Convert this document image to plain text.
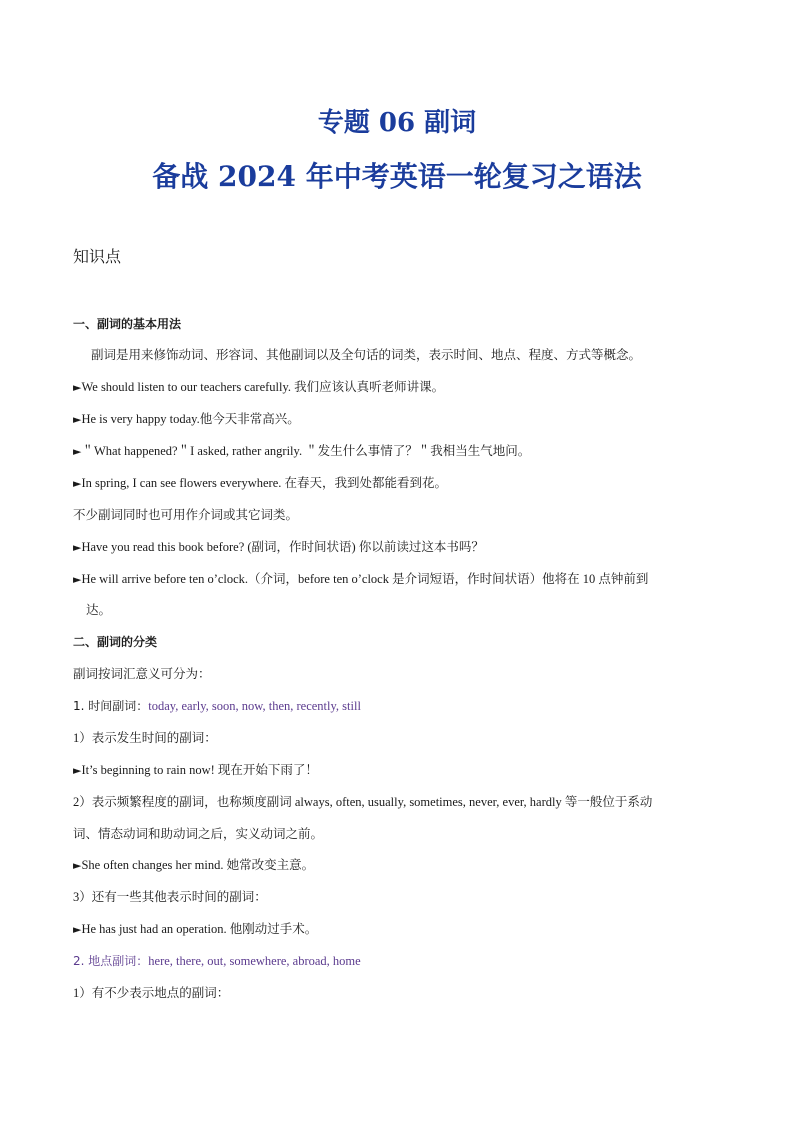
专题 06 副词
备战 2024 年中考英语一轮复习之语法
知识点
一、副词的基本用法
副词是用来修饰动词、形容词、其他副词以及全句话的词类，表示时间、地点、程度、方式等概念。
►We should listen to our teachers carefully. 我们应该认真听老师讲课。
►He is very happy today.他今天非常高兴。
►＂What happened?＂I asked, rather angrily. ＂发生什么事情了？＂我相当生气地问。
►In spring, I can see flowers everywhere. 在春天，我到处都能看到花。
不少副词同时也可用作介词或其它词类。
►Have you read this book before? (副词，作时间状语) 你以前读过这本书吗？
►He will arrive before ten o’clock.（介词，before ten o’clock 是介词短语，作时间状语）他将在 10 点钟前到
达。
二、副词的分类
副词按词汇意义可分为：
1. 时间副词：today, early, soon, now, then, recently, still
1）表示发生时间的副词：
►It’s beginning to rain now! 现在开始下雨了！
2）表示频繁程度的副词，也称频度副词 always, often, usually, sometimes, never, ever, hardly 等一般位于系动
词、情态动词和助动词之后，实义动词之前。
►She often changes her mind. 她常改变主意。
3）还有一些其他表示时间的副词：
►He has just had an operation. 他刚动过手术。
2. 地点副词：here, there, out, somewhere, abroad, home
1）有不少表示地点的副词：
